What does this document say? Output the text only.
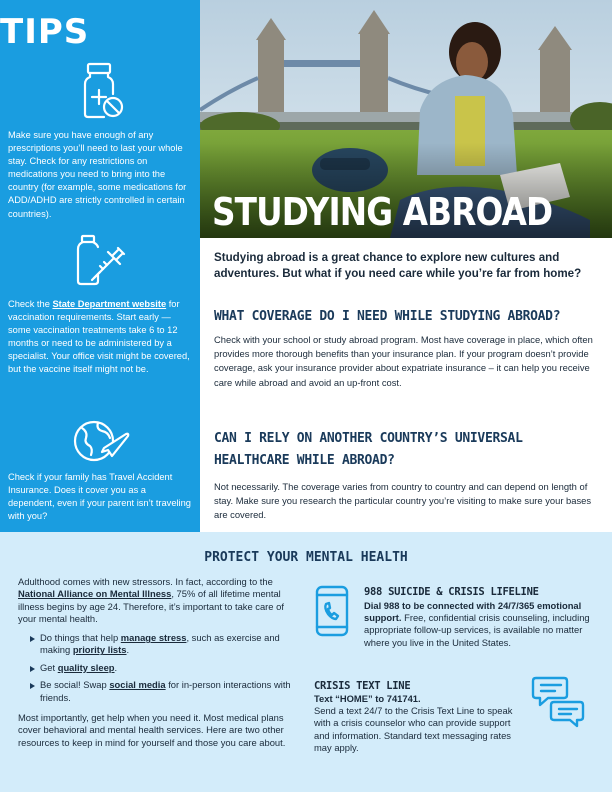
TIPS
Make sure you have enough of any prescriptions you’ll need to last your whole stay. Check for any restrictions on medications you need to bring into the country (for example, some medications for ADD/ADHD are strictly controlled in certain countries).
Check the State Department website for vaccination requirements. Start early — some vaccination treatments take 6 to 12 months or need to be administered by a specialist. Your office visit might be covered, but the vaccine itself might not be.
Check if your family has Travel Accident Insurance. Does it cover you as a dependent, even if your parent isn’t traveling with you?
STUDYING ABROAD
Studying abroad is a great chance to explore new cultures and adventures. But what if you need care while you’re far from home?
WHAT COVERAGE DO I NEED WHILE STUDYING ABROAD?
Check with your school or study abroad program. Most have coverage in place, which often provides more thorough benefits than your insurance plan. If your program doesn’t provide coverage, ask your insurance provider about expatriate insurance – it can help you receive care while abroad and avoid an up-front cost.
CAN I RELY ON ANOTHER COUNTRY’S UNIVERSAL
HEALTHCARE WHILE ABROAD?
Not necessarily. The coverage varies from country to country and can depend on length of stay. Make sure you research the particular country you’re visiting to make sure your bases are covered.
PROTECT YOUR MENTAL HEALTH
Adulthood comes with new stressors. In fact, according to the National Alliance on Mental Illness, 75% of all lifetime mental illness begins by age 24. Therefore, it’s important to take care of your mental health.
Do things that help manage stress, such as exercise and making priority lists.
Get quality sleep.
Be social! Swap social media for in-person interactions with friends.
Most importantly, get help when you need it. Most medical plans cover behavioral and mental health services. Here are two other resources to keep in mind for yourself and those you care about.
988 SUICIDE & CRISIS LIFELINE
Dial 988 to be connected with 24/7/365 emotional support. Free, confidential crisis counseling, including appropriate follow-up services, is available no matter where you live in the United States.
CRISIS TEXT LINE
Text “HOME” to 741741.
Send a text 24/7 to the Crisis Text Line to speak with a crisis counselor who can provide support and information. Standard text messaging rates may apply.
